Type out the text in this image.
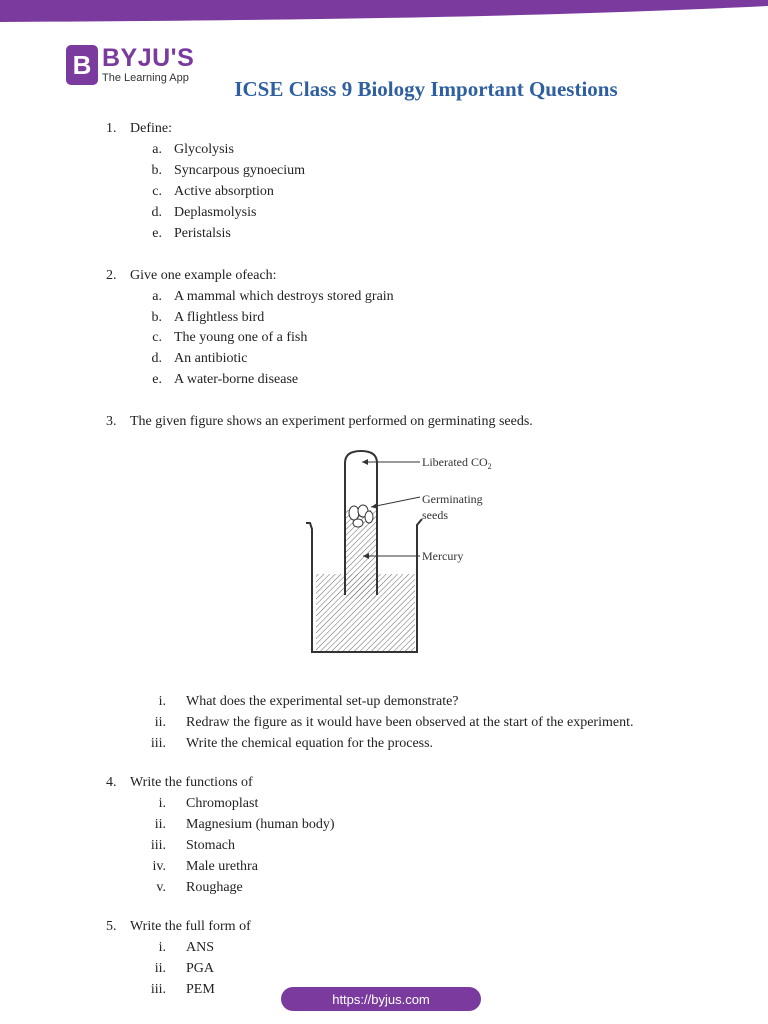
B BYJU'S
The Learning App	ICSE Class 9 Biology Important Questions
1. Define:
a. Glycolysis
b. Syncarpous gynoecium
c. Active absorption
d. Deplasmolysis
e. Peristalsis
2. Give one example ofeach:
a. A mammal which destroys stored grain
b. A flightless bird
c. The young one of a fish
d. An antibiotic
e. A water-borne disease
3. The given figure shows an experiment performed on germinating seeds.
Liberated $CO_2$
Germinating
seeds
Mercury
i. What does the experimental set-up demonstrate?
ii. Redraw the figure as it would have been observed at the start of the experiment.
iii. Write the chemical equation for the process.
4. Write the functions of
i. Chromoplast
ii. Magnesium (human body)
iii. Stomach
iv. Male urethra
v. Roughage
5. Write the full form of
i. ANS
ii. PGA
iii. PEM
https://byjus.com
